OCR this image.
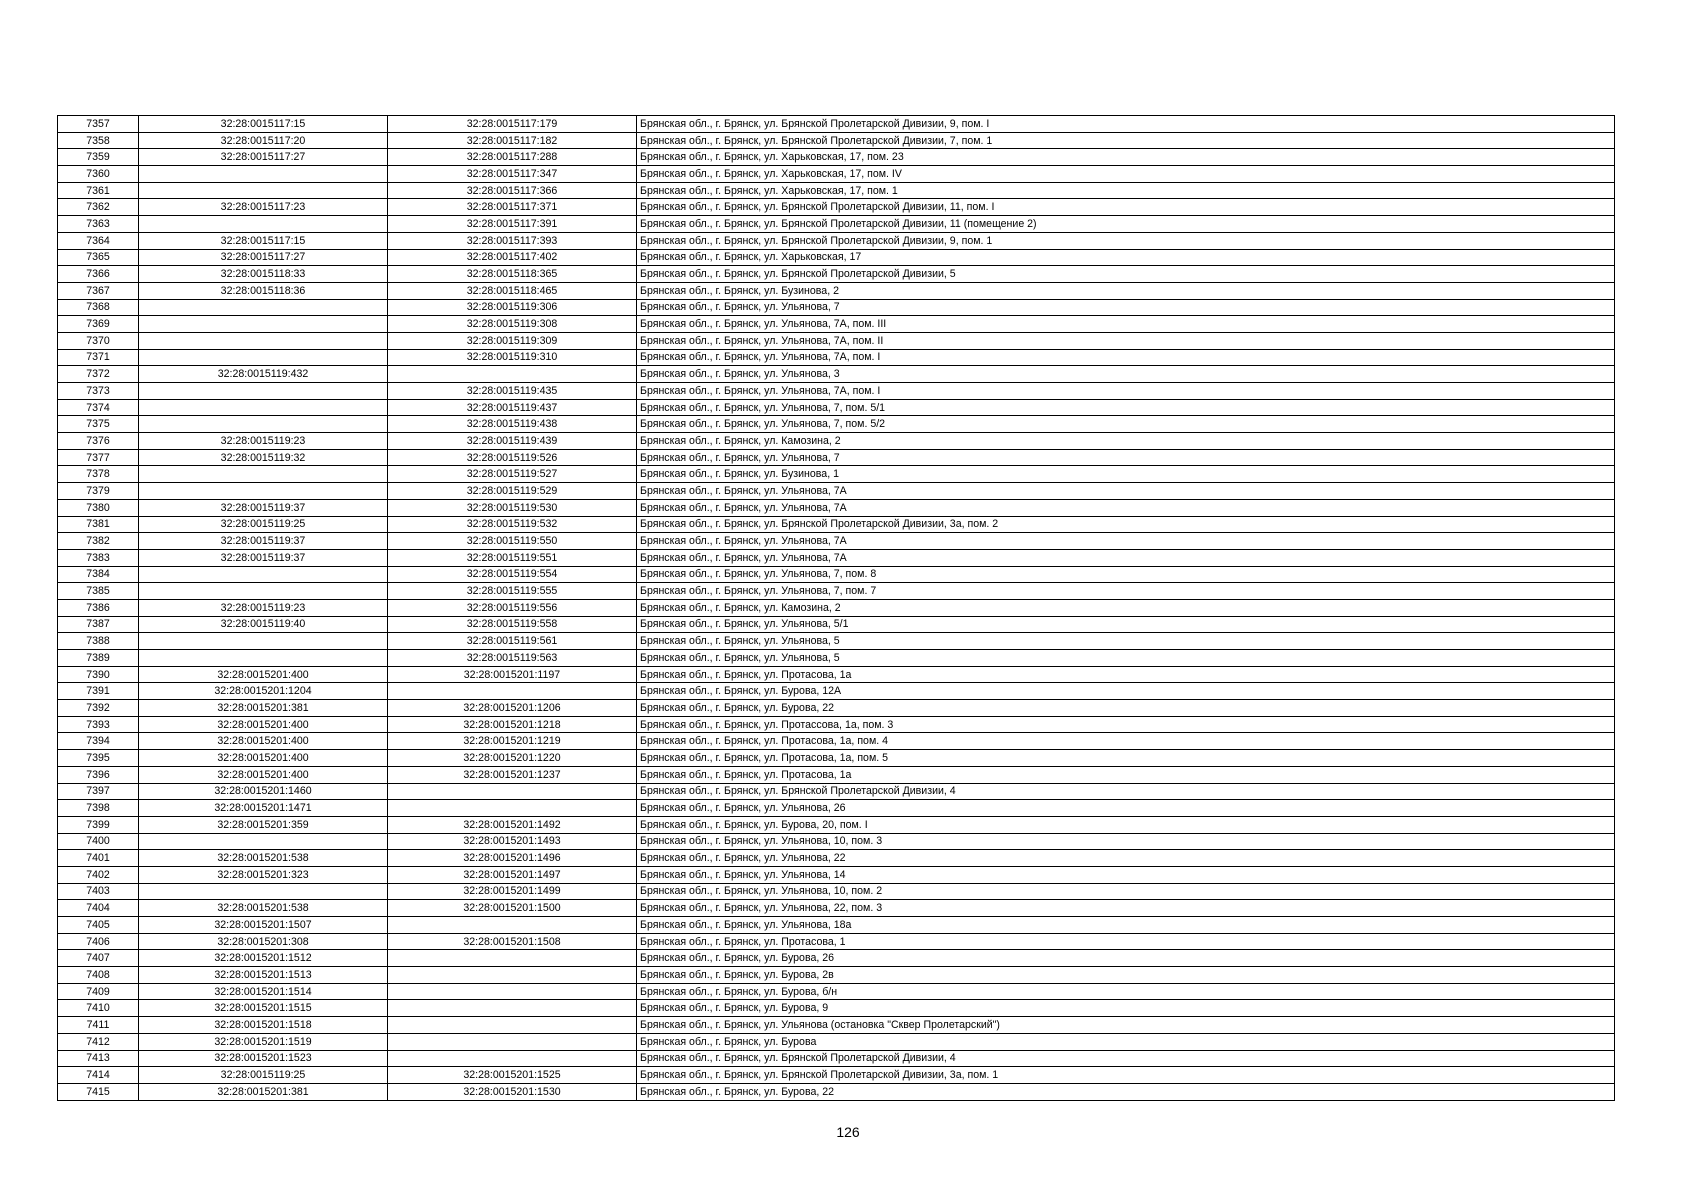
7357	32:28:0015117:15	32:28:0015117:179	Брянская обл., г. Брянск, ул. Брянской Пролетарской Дивизии, 9, пом. I
7358	32:28:0015117:20	32:28:0015117:182	Брянская обл., г. Брянск, ул. Брянской Пролетарской Дивизии, 7, пом. 1
7359	32:28:0015117:27	32:28:0015117:288	Брянская обл., г. Брянск, ул. Харьковская, 17, пом. 23
7360		32:28:0015117:347	Брянская обл., г. Брянск, ул. Харьковская, 17, пом. IV
7361		32:28:0015117:366	Брянская обл., г. Брянск, ул. Харьковская, 17, пом. 1
7362	32:28:0015117:23	32:28:0015117:371	Брянская обл., г. Брянск, ул. Брянской Пролетарской Дивизии, 11, пом. I
7363		32:28:0015117:391	Брянская обл., г. Брянск, ул. Брянской Пролетарской Дивизии, 11 (помещение 2)
7364	32:28:0015117:15	32:28:0015117:393	Брянская обл., г. Брянск, ул. Брянской Пролетарской Дивизии, 9, пом. 1
7365	32:28:0015117:27	32:28:0015117:402	Брянская обл., г. Брянск, ул. Харьковская, 17
7366	32:28:0015118:33	32:28:0015118:365	Брянская обл., г. Брянск, ул. Брянской Пролетарской Дивизии, 5
7367	32:28:0015118:36	32:28:0015118:465	Брянская обл., г. Брянск, ул. Бузинова, 2
7368		32:28:0015119:306	Брянская обл., г. Брянск, ул. Ульянова, 7
7369		32:28:0015119:308	Брянская обл., г. Брянск, ул. Ульянова, 7А, пом. III
7370		32:28:0015119:309	Брянская обл., г. Брянск, ул. Ульянова, 7А, пом. II
7371		32:28:0015119:310	Брянская обл., г. Брянск, ул. Ульянова, 7А, пом. I
7372	32:28:0015119:432		Брянская обл., г. Брянск, ул. Ульянова, 3
7373		32:28:0015119:435	Брянская обл., г. Брянск, ул. Ульянова, 7А, пом. I
7374		32:28:0015119:437	Брянская обл., г. Брянск, ул. Ульянова, 7, пом. 5/1
7375		32:28:0015119:438	Брянская обл., г. Брянск, ул. Ульянова, 7, пом. 5/2
7376	32:28:0015119:23	32:28:0015119:439	Брянская обл., г. Брянск, ул. Камозина, 2
7377	32:28:0015119:32	32:28:0015119:526	Брянская обл., г. Брянск, ул. Ульянова, 7
7378		32:28:0015119:527	Брянская обл., г. Брянск, ул. Бузинова, 1
7379		32:28:0015119:529	Брянская обл., г. Брянск, ул. Ульянова, 7А
7380	32:28:0015119:37	32:28:0015119:530	Брянская обл., г. Брянск, ул. Ульянова, 7А
7381	32:28:0015119:25	32:28:0015119:532	Брянская обл., г. Брянск, ул. Брянской Пролетарской Дивизии, 3а, пом. 2
7382	32:28:0015119:37	32:28:0015119:550	Брянская обл., г. Брянск, ул. Ульянова, 7А
7383	32:28:0015119:37	32:28:0015119:551	Брянская обл., г. Брянск, ул. Ульянова, 7А
7384		32:28:0015119:554	Брянская обл., г. Брянск, ул. Ульянова, 7, пом. 8
7385		32:28:0015119:555	Брянская обл., г. Брянск, ул. Ульянова, 7, пом. 7
7386	32:28:0015119:23	32:28:0015119:556	Брянская обл., г. Брянск, ул. Камозина, 2
7387	32:28:0015119:40	32:28:0015119:558	Брянская обл., г. Брянск, ул. Ульянова, 5/1
7388		32:28:0015119:561	Брянская обл., г. Брянск, ул. Ульянова, 5
7389		32:28:0015119:563	Брянская обл., г. Брянск, ул. Ульянова, 5
7390	32:28:0015201:400	32:28:0015201:1197	Брянская обл., г. Брянск, ул. Протасова, 1а
7391	32:28:0015201:1204		Брянская обл., г. Брянск, ул. Бурова, 12А
7392	32:28:0015201:381	32:28:0015201:1206	Брянская обл., г. Брянск, ул. Бурова, 22
7393	32:28:0015201:400	32:28:0015201:1218	Брянская обл., г. Брянск, ул. Протассова, 1а, пом. 3
7394	32:28:0015201:400	32:28:0015201:1219	Брянская обл., г. Брянск, ул. Протасова, 1а, пом. 4
7395	32:28:0015201:400	32:28:0015201:1220	Брянская обл., г. Брянск, ул. Протасова, 1а, пом. 5
7396	32:28:0015201:400	32:28:0015201:1237	Брянская обл., г. Брянск, ул. Протасова, 1а
7397	32:28:0015201:1460		Брянская обл., г. Брянск, ул. Брянской Пролетарской Дивизии, 4
7398	32:28:0015201:1471		Брянская обл., г. Брянск, ул. Ульянова, 26
7399	32:28:0015201:359	32:28:0015201:1492	Брянская обл., г. Брянск, ул. Бурова, 20, пом. I
7400		32:28:0015201:1493	Брянская обл., г. Брянск, ул. Ульянова, 10, пом. 3
7401	32:28:0015201:538	32:28:0015201:1496	Брянская обл., г. Брянск, ул. Ульянова, 22
7402	32:28:0015201:323	32:28:0015201:1497	Брянская обл., г. Брянск, ул. Ульянова, 14
7403		32:28:0015201:1499	Брянская обл., г. Брянск, ул. Ульянова, 10, пом. 2
7404	32:28:0015201:538	32:28:0015201:1500	Брянская обл., г. Брянск, ул. Ульянова, 22, пом. 3
7405	32:28:0015201:1507		Брянская обл., г. Брянск, ул. Ульянова, 18а
7406	32:28:0015201:308	32:28:0015201:1508	Брянская обл., г. Брянск, ул. Протасова, 1
7407	32:28:0015201:1512		Брянская обл., г. Брянск, ул. Бурова, 26
7408	32:28:0015201:1513		Брянская обл., г. Брянск, ул. Бурова, 2в
7409	32:28:0015201:1514		Брянская обл., г. Брянск, ул. Бурова, б/н
7410	32:28:0015201:1515		Брянская обл., г. Брянск, ул. Бурова, 9
7411	32:28:0015201:1518		Брянская обл., г. Брянск, ул. Ульянова (остановка "Сквер Пролетарский")
7412	32:28:0015201:1519		Брянская обл., г. Брянск, ул. Бурова
7413	32:28:0015201:1523		Брянская обл., г. Брянск, ул. Брянской Пролетарской Дивизии, 4
7414	32:28:0015119:25	32:28:0015201:1525	Брянская обл., г. Брянск, ул. Брянской Пролетарской Дивизии, 3а, пом. 1
7415	32:28:0015201:381	32:28:0015201:1530	Брянская обл., г. Брянск, ул. Бурова, 22
126
